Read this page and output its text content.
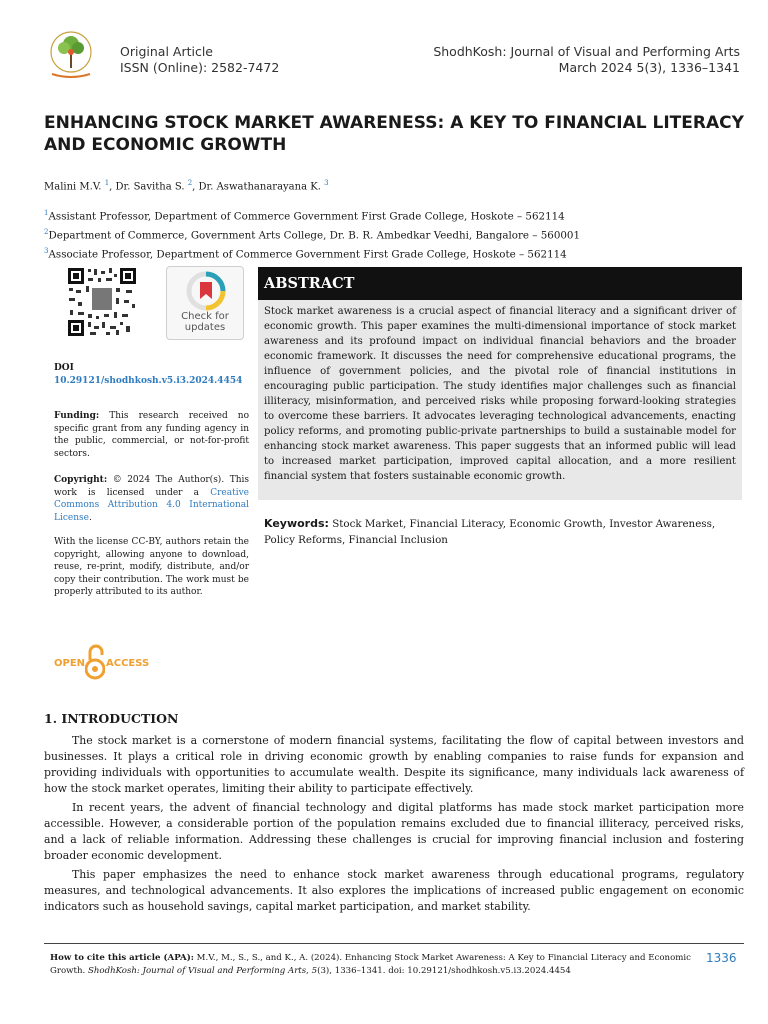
Original Article
ISSN (Online): 2582-7472
ShodhKosh: Journal of Visual and Performing Arts
March 2024 5(3), 1336–1341
ENHANCING STOCK MARKET AWARENESS: A KEY TO FINANCIAL LITERACY AND ECONOMIC GROWTH
Malini M.V. $^1$, Dr. Savitha S. $^2$, Dr. Aswathanarayana K. $^3$
$^1$Assistant Professor, Department of Commerce Government First Grade College, Hoskote – 562114
$^2$Department of Commerce, Government Arts College, Dr. B. R. Ambedkar Veedhi, Bangalore – 560001
$^3$Associate Professor, Department of Commerce Government First Grade College, Hoskote – 562114
Check for
updates
DOI
10.29121/shodhkosh.v5.i3.2024.4454
Funding: This research received no specific grant from any funding agency in the public, commercial, or not-for-profit sectors.
Copyright: © 2024 The Author(s). This work is licensed under a Creative Commons Attribution 4.0 International License.
With the license CC-BY, authors retain the copyright, allowing anyone to download, reuse, re-print, modify, distribute, and/or copy their contribution. The work must be properly attributed to its author.
OPEN ACCESS
ABSTRACT
Stock market awareness is a crucial aspect of financial literacy and a significant driver of economic growth. This paper examines the multi-dimensional importance of stock market awareness and its profound impact on individual financial behaviors and the broader economic framework. It discusses the need for comprehensive educational programs, the influence of government policies, and the pivotal role of financial institutions in encouraging public participation. The study identifies major challenges such as financial illiteracy, misinformation, and perceived risks while proposing forward-looking strategies to overcome these barriers. It advocates leveraging technological advancements, enacting policy reforms, and promoting public-private partnerships to build a sustainable model for enhancing stock market awareness. This paper suggests that an informed public will lead to increased market participation, improved capital allocation, and a more resilient financial system that fosters sustainable economic growth.
Keywords: Stock Market, Financial Literacy, Economic Growth, Investor Awareness, Policy Reforms, Financial Inclusion
1. INTRODUCTION

The stock market is a cornerstone of modern financial systems, facilitating the flow of capital between investors and businesses. It plays a critical role in driving economic growth by enabling companies to raise funds for expansion and providing individuals with opportunities to accumulate wealth. Despite its significance, many individuals lack awareness of how the stock market operates, limiting their ability to participate effectively.

In recent years, the advent of financial technology and digital platforms has made stock market participation more accessible. However, a considerable portion of the population remains excluded due to financial illiteracy, perceived risks, and a lack of reliable information. Addressing these challenges is crucial for improving financial inclusion and fostering broader economic development.

This paper emphasizes the need to enhance stock market awareness through educational programs, regulatory measures, and technological advancements. It also explores the implications of increased public engagement on economic indicators such as household savings, capital market participation, and market stability.

How to cite this article (APA): M.V., M., S., S., and K., A. (2024). Enhancing Stock Market Awareness: A Key to Financial Literacy and Economic Growth. ShodhKosh: Journal of Visual and Performing Arts, 5(3), 1336–1341. doi: 10.29121/shodhkosh.v5.i3.2024.4454
1336
